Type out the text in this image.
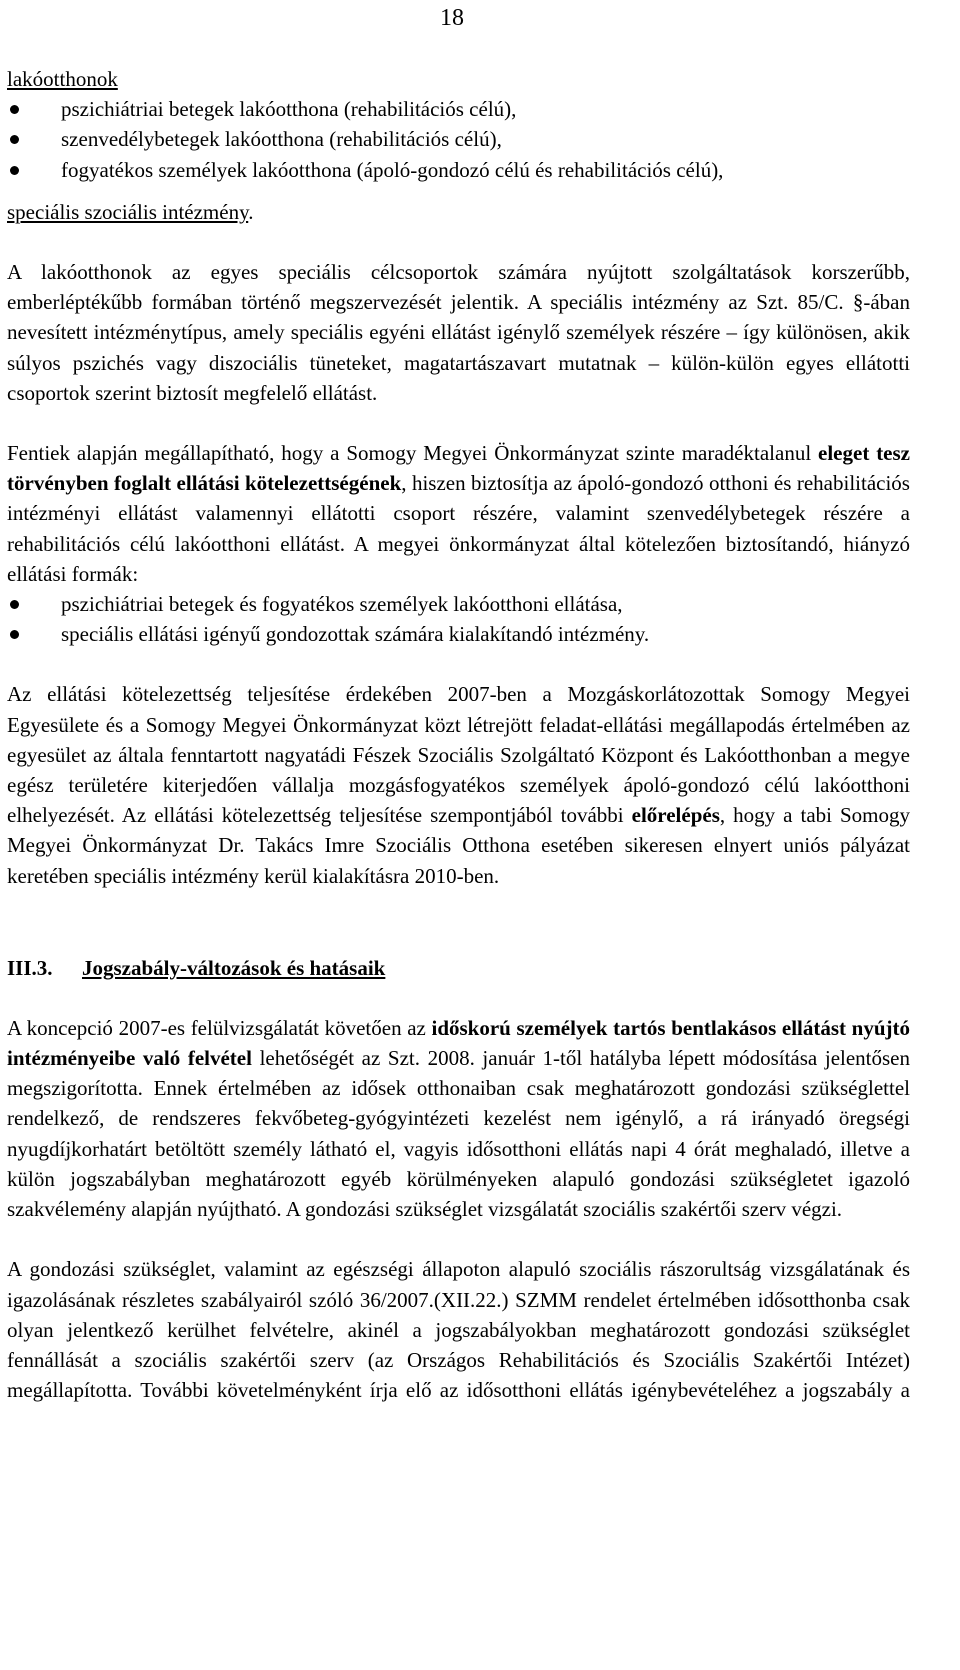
18

lakóotthonok

pszichiátriai betegek lakóotthona (rehabilitációs célú),
szenvedélybetegek lakóotthona (rehabilitációs célú),
fogyatékos személyek lakóotthona (ápoló-gondozó célú és rehabilitációs célú),

speciális szociális intézmény.

A lakóotthonok az egyes speciális célcsoportok számára nyújtott szolgáltatások korszerűbb, emberléptékűbb formában történő megszervezését jelentik. A speciális intézmény az Szt. 85/C. §-ában nevesített intézménytípus, amely speciális egyéni ellátást igénylő személyek részére – így különösen, akik súlyos pszichés vagy diszociális tüneteket, magatartászavart mutatnak – külön-külön egyes ellátotti csoportok szerint biztosít megfelelő ellátást.

Fentiek alapján megállapítható, hogy a Somogy Megyei Önkormányzat szinte maradéktalanul eleget tesz törvényben foglalt ellátási kötelezettségének, hiszen biztosítja az ápoló-gondozó otthoni és rehabilitációs intézményi ellátást valamennyi ellátotti csoport részére, valamint szenvedélybetegek részére a rehabilitációs célú lakóotthoni ellátást. A megyei önkormányzat által kötelezően biztosítandó, hiányzó ellátási formák:

pszichiátriai betegek és fogyatékos személyek lakóotthoni ellátása,
speciális ellátási igényű gondozottak számára kialakítandó intézmény.

Az ellátási kötelezettség teljesítése érdekében 2007-ben a Mozgáskorlátozottak Somogy Megyei Egyesülete és a Somogy Megyei Önkormányzat közt létrejött feladat-ellátási megállapodás értelmében az egyesület az általa fenntartott nagyatádi Fészek Szociális Szolgáltató Központ és Lakóotthonban a megye egész területére kiterjedően vállalja mozgásfogyatékos személyek ápoló-gondozó célú lakóotthoni elhelyezését. Az ellátási kötelezettség teljesítése szempontjából további előrelépés, hogy a tabi Somogy Megyei Önkormányzat Dr. Takács Imre Szociális Otthona esetében sikeresen elnyert uniós pályázat keretében speciális intézmény kerül kialakításra 2010-ben.

III.3. Jogszabály-változások és hatásaik

A koncepció 2007-es felülvizsgálatát követően az időskorú személyek tartós bentlakásos ellátást nyújtó intézményeibe való felvétel lehetőségét az Szt. 2008. január 1-től hatályba lépett módosítása jelentősen megszigorította. Ennek értelmében az idősek otthonaiban csak meghatározott gondozási szükséglettel rendelkező, de rendszeres fekvőbeteg-gyógyintézeti kezelést nem igénylő, a rá irányadó öregségi nyugdíjkorhatárt betöltött személy látható el, vagyis idősotthoni ellátás napi 4 órát meghaladó, illetve a külön jogszabályban meghatározott egyéb körülményeken alapuló gondozási szükségletet igazoló szakvélemény alapján nyújtható. A gondozási szükséglet vizsgálatát szociális szakértői szerv végzi.

A gondozási szükséglet, valamint az egészségi állapoton alapuló szociális rászorultság vizsgálatának és igazolásának részletes szabályairól szóló 36/2007.(XII.22.) SZMM rendelet értelmében idősotthonba csak olyan jelentkező kerülhet felvételre, akinél a jogszabályokban meghatározott gondozási szükséglet fennállását a szociális szakértői szerv (az Országos Rehabilitációs és Szociális Szakértői Intézet) megállapította. További követelményként írja elő az idősotthoni ellátás igénybevételéhez a jogszabály a
